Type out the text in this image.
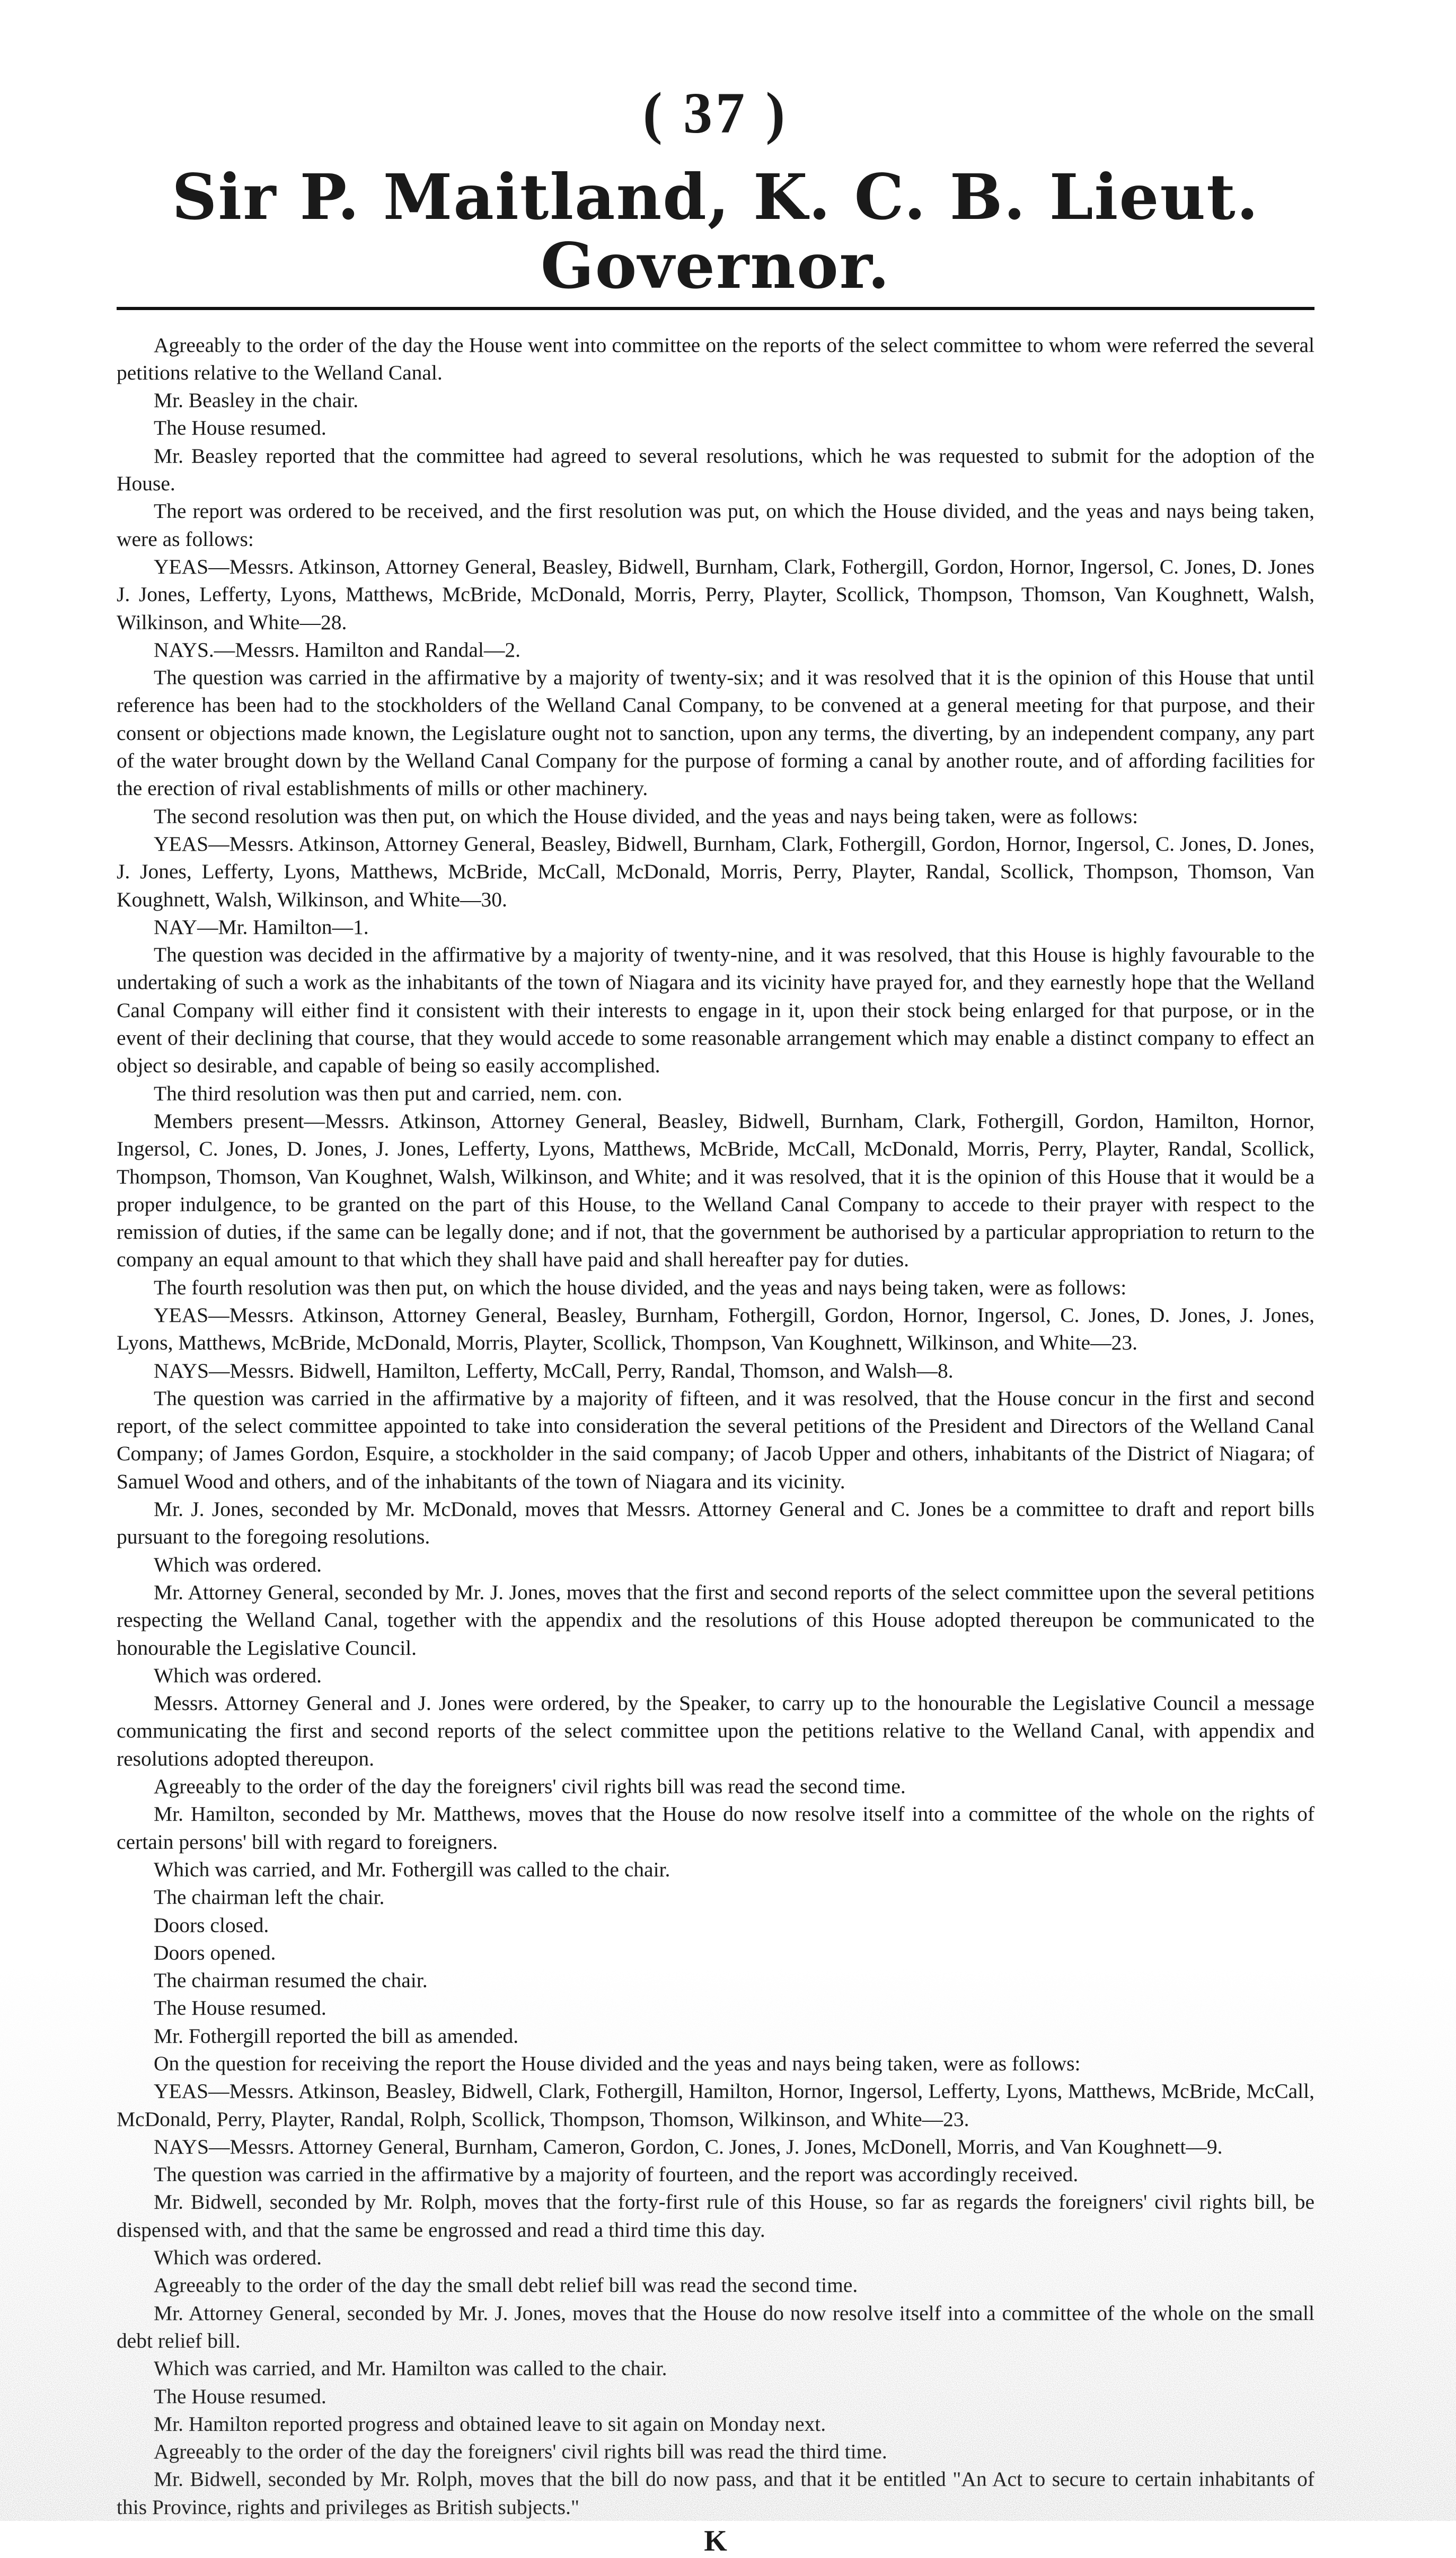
( 37 )
Sir P. Maitland, K. C. B. Lieut. Governor.

Agreeably to the order of the day the House went into committee on the reports of the select committee to whom were referred the several petitions relative to the Welland Canal.

Mr. Beasley in the chair.

The House resumed.

Mr. Beasley reported that the committee had agreed to several resolutions, which he was requested to submit for the adoption of the House.

The report was ordered to be received, and the first resolution was put, on which the House divided, and the yeas and nays being taken, were as follows:

YEAS—Messrs. Atkinson, Attorney General, Beasley, Bidwell, Burnham, Clark, Fothergill, Gordon, Hornor, Ingersol, C. Jones, D. Jones J. Jones, Lefferty, Lyons, Matthews, McBride, McDonald, Morris, Perry, Playter, Scollick, Thompson, Thomson, Van Koughnett, Walsh, Wilkinson, and White—28.

NAYS.—Messrs. Hamilton and Randal—2.

The question was carried in the affirmative by a majority of twenty-six; and it was resolved that it is the opinion of this House that until reference has been had to the stockholders of the Welland Canal Company, to be convened at a general meeting for that purpose, and their consent or objections made known, the Legislature ought not to sanction, upon any terms, the diverting, by an independent company, any part of the water brought down by the Welland Canal Company for the purpose of forming a canal by another route, and of affording facilities for the erection of rival establishments of mills or other machinery.

The second resolution was then put, on which the House divided, and the yeas and nays being taken, were as follows:

YEAS—Messrs. Atkinson, Attorney General, Beasley, Bidwell, Burnham, Clark, Fothergill, Gordon, Hornor, Ingersol, C. Jones, D. Jones, J. Jones, Lefferty, Lyons, Matthews, McBride, McCall, McDonald, Morris, Perry, Playter, Randal, Scollick, Thompson, Thomson, Van Koughnett, Walsh, Wilkinson, and White—30.

NAY—Mr. Hamilton—1.

The question was decided in the affirmative by a majority of twenty-nine, and it was resolved, that this House is highly favourable to the undertaking of such a work as the inhabitants of the town of Niagara and its vicinity have prayed for, and they earnestly hope that the Welland Canal Company will either find it consistent with their interests to engage in it, upon their stock being enlarged for that purpose, or in the event of their declining that course, that they would accede to some reasonable arrangement which may enable a distinct company to effect an object so desirable, and capable of being so easily accomplished.

The third resolution was then put and carried, nem. con.

Members present—Messrs. Atkinson, Attorney General, Beasley, Bidwell, Burnham, Clark, Fothergill, Gordon, Hamilton, Hornor, Ingersol, C. Jones, D. Jones, J. Jones, Lefferty, Lyons, Matthews, McBride, McCall, McDonald, Morris, Perry, Playter, Randal, Scollick, Thompson, Thomson, Van Koughnet, Walsh, Wilkinson, and White; and it was resolved, that it is the opinion of this House that it would be a proper indulgence, to be granted on the part of this House, to the Welland Canal Company to accede to their prayer with respect to the remission of duties, if the same can be legally done; and if not, that the government be authorised by a particular appropriation to return to the company an equal amount to that which they shall have paid and shall hereafter pay for duties.

The fourth resolution was then put, on which the house divided, and the yeas and nays being taken, were as follows:

YEAS—Messrs. Atkinson, Attorney General, Beasley, Burnham, Fothergill, Gordon, Hornor, Ingersol, C. Jones, D. Jones, J. Jones, Lyons, Matthews, McBride, McDonald, Morris, Playter, Scollick, Thompson, Van Koughnett, Wilkinson, and White—23.

NAYS—Messrs. Bidwell, Hamilton, Lefferty, McCall, Perry, Randal, Thomson, and Walsh—8.

The question was carried in the affirmative by a majority of fifteen, and it was resolved, that the House concur in the first and second report, of the select committee appointed to take into consideration the several petitions of the President and Directors of the Welland Canal Company; of James Gordon, Esquire, a stockholder in the said company; of Jacob Upper and others, inhabitants of the District of Niagara; of Samuel Wood and others, and of the inhabitants of the town of Niagara and its vicinity.

Mr. J. Jones, seconded by Mr. McDonald, moves that Messrs. Attorney General and C. Jones be a committee to draft and report bills pursuant to the foregoing resolutions.

Which was ordered.

Mr. Attorney General, seconded by Mr. J. Jones, moves that the first and second reports of the select committee upon the several petitions respecting the Welland Canal, together with the appendix and the resolutions of this House adopted thereupon be communicated to the honourable the Legislative Council.

Which was ordered.

Messrs. Attorney General and J. Jones were ordered, by the Speaker, to carry up to the honourable the Legislative Council a message communicating the first and second reports of the select committee upon the petitions relative to the Welland Canal, with appendix and resolutions adopted thereupon.

Agreeably to the order of the day the foreigners' civil rights bill was read the second time.

Mr. Hamilton, seconded by Mr. Matthews, moves that the House do now resolve itself into a committee of the whole on the rights of certain persons' bill with regard to foreigners.

Which was carried, and Mr. Fothergill was called to the chair.

The chairman left the chair.

Doors closed.

Doors opened.

The chairman resumed the chair.

The House resumed.

Mr. Fothergill reported the bill as amended.

On the question for receiving the report the House divided and the yeas and nays being taken, were as follows:

YEAS—Messrs. Atkinson, Beasley, Bidwell, Clark, Fothergill, Hamilton, Hornor, Ingersol, Lefferty, Lyons, Matthews, McBride, McCall, McDonald, Perry, Playter, Randal, Rolph, Scollick, Thompson, Thomson, Wilkinson, and White—23.

NAYS—Messrs. Attorney General, Burnham, Cameron, Gordon, C. Jones, J. Jones, McDonell, Morris, and Van Koughnett—9.

The question was carried in the affirmative by a majority of fourteen, and the report was accordingly received.

Mr. Bidwell, seconded by Mr. Rolph, moves that the forty-first rule of this House, so far as regards the foreigners' civil rights bill, be dispensed with, and that the same be engrossed and read a third time this day.

Which was ordered.

Agreeably to the order of the day the small debt relief bill was read the second time.

Mr. Attorney General, seconded by Mr. J. Jones, moves that the House do now resolve itself into a committee of the whole on the small debt relief bill.

Which was carried, and Mr. Hamilton was called to the chair.

The House resumed.

Mr. Hamilton reported progress and obtained leave to sit again on Monday next.

Agreeably to the order of the day the foreigners' civil rights bill was read the third time.

Mr. Bidwell, seconded by Mr. Rolph, moves that the bill do now pass, and that it be entitled "An Act to secure to certain inhabitants of this Province, rights and privileges as British subjects."

K
